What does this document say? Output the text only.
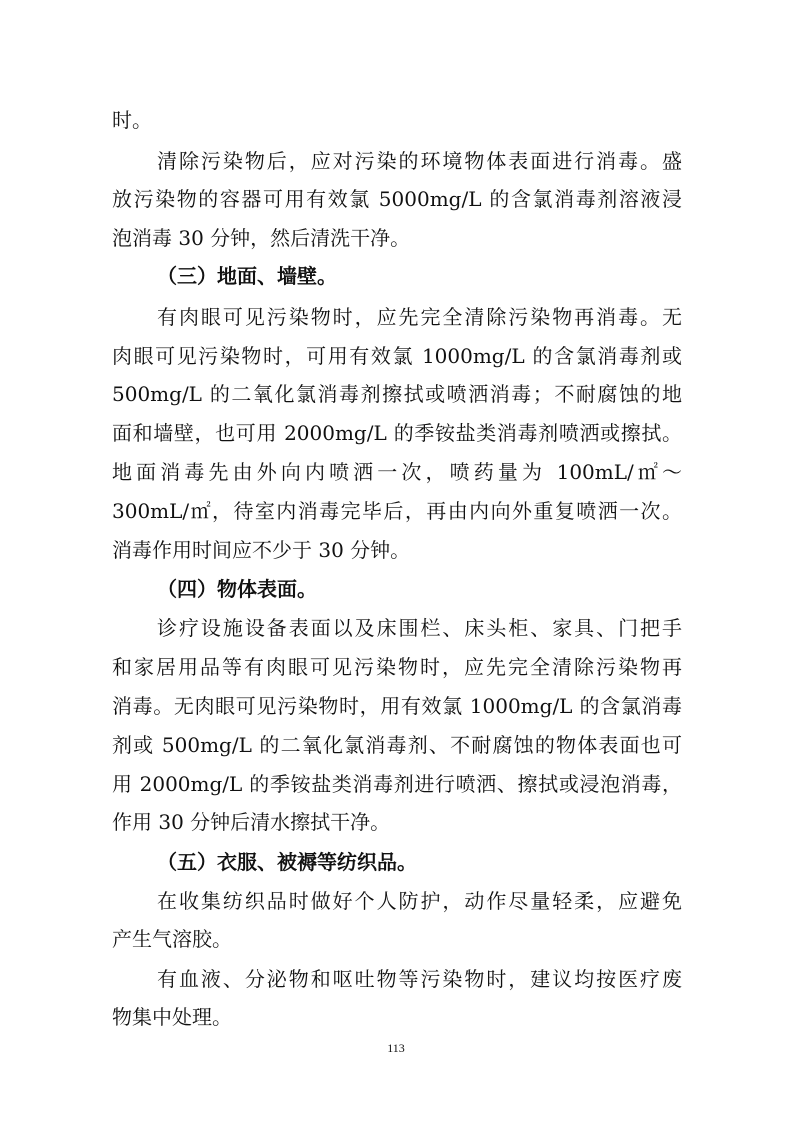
时。
清除污染物后，应对污染的环境物体表面进行消毒。盛
放污染物的容器可用有效氯 5000mg/L 的含氯消毒剂溶液浸
泡消毒 30 分钟，然后清洗干净。
（三）地面、墙壁。
有肉眼可见污染物时，应先完全清除污染物再消毒。无
肉眼可见污染物时，可用有效氯 1000mg/L 的含氯消毒剂或
500mg/L 的二氧化氯消毒剂擦拭或喷洒消毒；不耐腐蚀的地
面和墙壁，也可用 2000mg/L 的季铵盐类消毒剂喷洒或擦拭。
地面消毒先由外向内喷洒一次，喷药量为 100mL/㎡～
300mL/㎡，待室内消毒完毕后，再由内向外重复喷洒一次。
消毒作用时间应不少于 30 分钟。
（四）物体表面。
诊疗设施设备表面以及床围栏、床头柜、家具、门把手
和家居用品等有肉眼可见污染物时，应先完全清除污染物再
消毒。无肉眼可见污染物时，用有效氯 1000mg/L 的含氯消毒
剂或 500mg/L 的二氧化氯消毒剂、不耐腐蚀的物体表面也可
用 2000mg/L 的季铵盐类消毒剂进行喷洒、擦拭或浸泡消毒，
作用 30 分钟后清水擦拭干净。
（五）衣服、被褥等纺织品。
在收集纺织品时做好个人防护，动作尽量轻柔，应避免
产生气溶胶。
有血液、分泌物和呕吐物等污染物时，建议均按医疗废
物集中处理。
113
